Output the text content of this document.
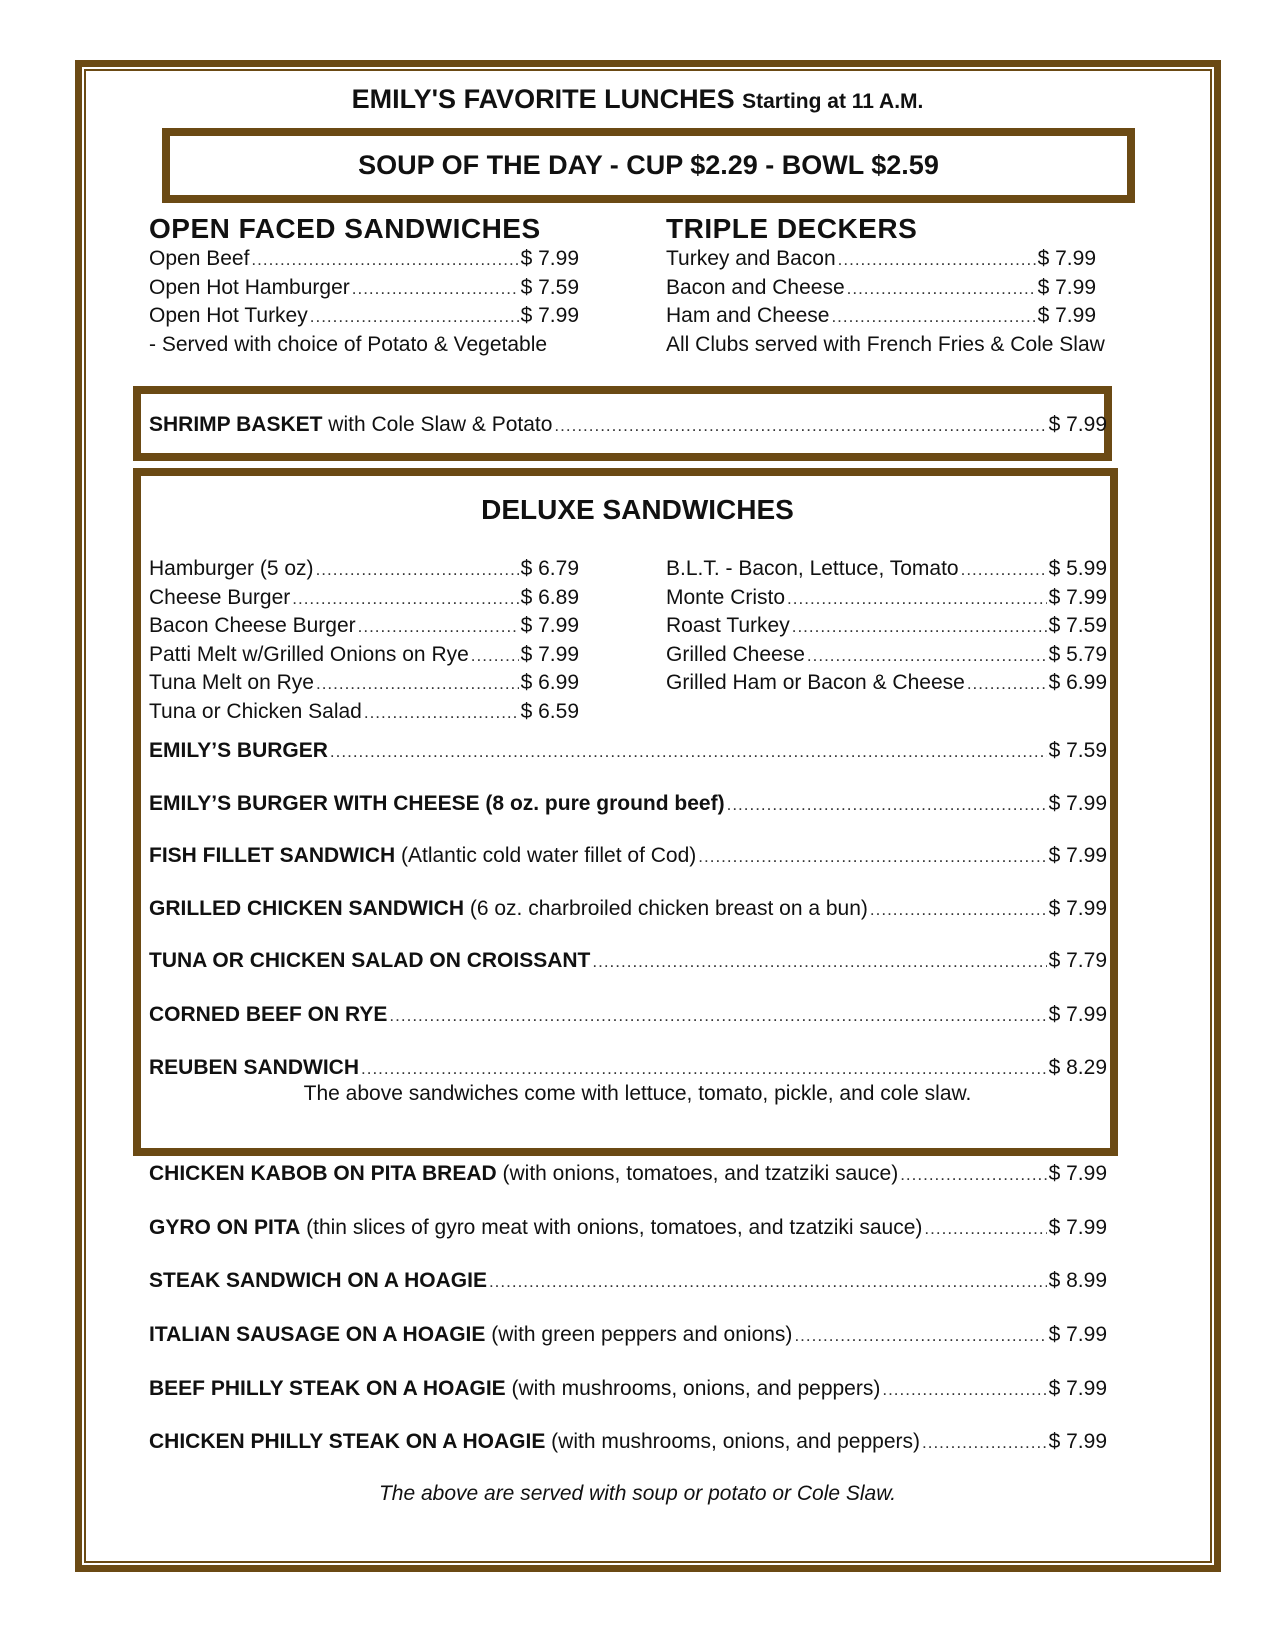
EMILY'S FAVORITE LUNCHES Starting at 11 A.M.
SOUP OF THE DAY - CUP $2.29 - BOWL $2.59
OPEN FACED SANDWICHES
Open Beef .....	$ 7.99
Open Hot Hamburger .....	$ 7.59
Open Hot Turkey .....	$ 7.99
- Served with choice of Potato & Vegetable
TRIPLE DECKERS
Turkey and Bacon .....	$ 7.99
Bacon and Cheese .....	$ 7.99
Ham and Cheese .....	$ 7.99
All Clubs served with French Fries & Cole Slaw
SHRIMP BASKET with Cole Slaw & Potato .....	$ 7.99
DELUXE SANDWICHES
Hamburger (5 oz) .....	$ 6.79
Cheese Burger .....	$ 6.89
Bacon Cheese Burger .....	$ 7.99
Patti Melt w/Grilled Onions on Rye ..... $ 7.99
Tuna Melt on Rye .....	$ 6.99
Tuna or Chicken Salad .....	$ 6.59
B.L.T. - Bacon, Lettuce, Tomato .....	$ 5.99
Monte Cristo .....	$ 7.99
Roast Turkey .....	$ 7.59
Grilled Cheese .....	$ 5.79
Grilled Ham or Bacon & Cheese .....	$ 6.99
EMILY’S BURGER .....	$ 7.59
EMILY’S BURGER WITH CHEESE (8 oz. pure ground beef) .....	$ 7.99
FISH FILLET SANDWICH (Atlantic cold water fillet of Cod) .....	$ 7.99
GRILLED CHICKEN SANDWICH (6 oz. charbroiled chicken breast on a bun) .....	$ 7.99
TUNA OR CHICKEN SALAD ON CROISSANT .....	$ 7.79
CORNED BEEF ON RYE .....	$ 7.99
REUBEN SANDWICH .....	$ 8.29
The above sandwiches come with lettuce, tomato, pickle, and cole slaw.
CHICKEN KABOB ON PITA BREAD (with onions, tomatoes, and tzatziki sauce) .....	$ 7.99
GYRO ON PITA (thin slices of gyro meat with onions, tomatoes, and tzatziki sauce) .....	$ 7.99
STEAK SANDWICH ON A HOAGIE .....	$ 8.99
ITALIAN SAUSAGE ON A HOAGIE (with green peppers and onions) .....	$ 7.99
BEEF PHILLY STEAK ON A HOAGIE (with mushrooms, onions, and peppers) .....	$ 7.99
CHICKEN PHILLY STEAK ON A HOAGIE (with mushrooms, onions, and peppers) .....	$ 7.99
The above are served with soup or potato or Cole Slaw.
